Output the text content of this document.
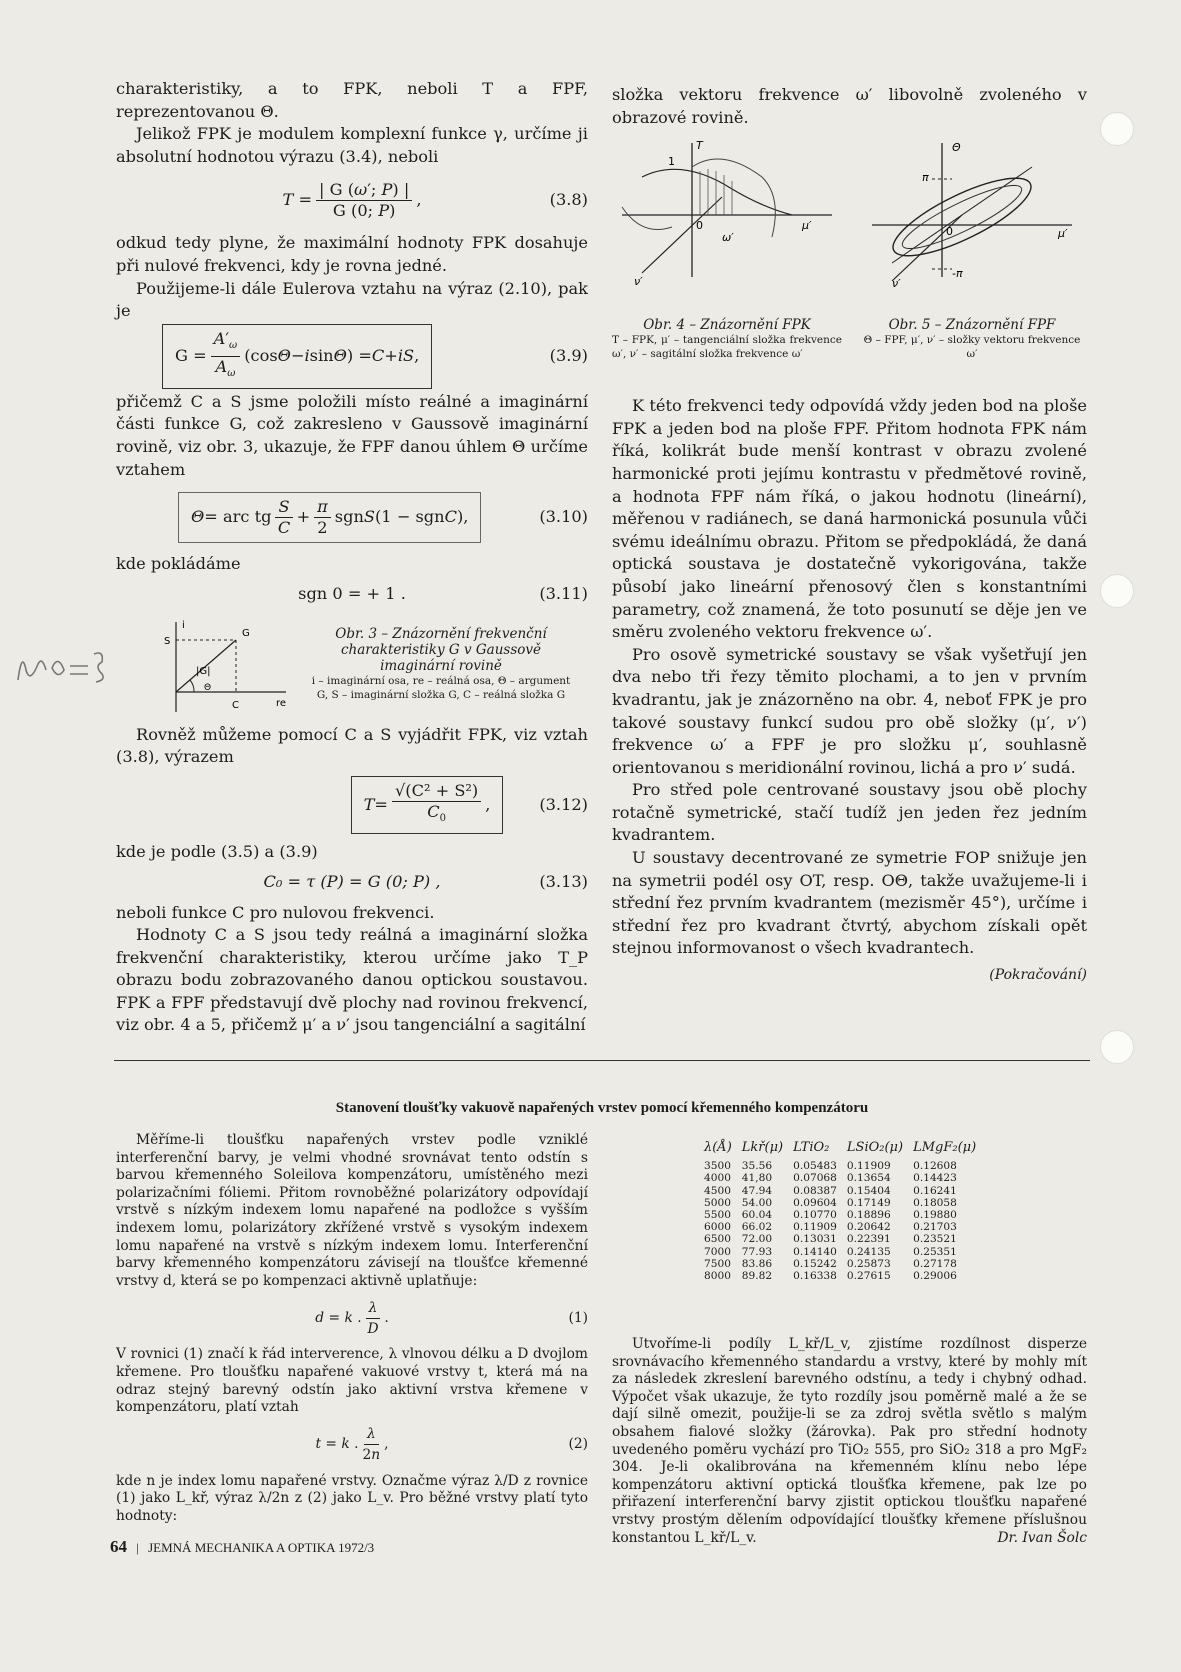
charakteristiky, a to FPK, neboli T a FPF, reprezentovanou Θ.

Jelikož FPK je modulem komplexní funkce γ, určíme ji absolutní hodnotou výrazu (3.4), neboli

$T = \frac{| G (\omega'; P) |}{G (0; P)}$ ,	(3.8)

odkud tedy plyne, že maximální hodnoty FPK dosahuje při nulové frekvenci, kdy je rovna jedné.

Použijeme-li dále Eulerova vztahu na výraz (2.10), pak je

$G = \frac{A'_\omega}{A_\omega} (\cos$ Θ − i sin Θ ) = C + iS ,	(3.9)

přičemž C a S jsme položili místo reálné a imaginární části funkce G, což zakresleno v Gaussově imaginární rovině, viz obr. 3, ukazuje, že FPF danou úhlem Θ určíme vztahem

Θ = arc tg $\frac{S}{C} + \frac{\pi}{2}$ sgn S (1 − sgn C ),	(3.10)

kde pokládáme

sgn 0 = + 1 .	(3.11)
i
S
G
|G|
Θ
C	re
Obr. 3 – Znázornění frekvenční charakteristiky G v Gaussově imaginární rovině
i – imaginární osa, re – reálná osa, Θ – argument G, S – imaginární složka G, C – reálná složka G

Rovněž můžeme pomocí C a S vyjádřit FPK, viz vztah (3.8), výrazem

$T = \frac{\text{√(C² + S²)}}{C_0}$ ,	(3.12)

kde je podle (3.5) a (3.9)

C₀ = τ (P) = G (0; P) ,	(3.13)

neboli funkce C pro nulovou frekvenci.

Hodnoty C a S jsou tedy reálná a imaginární složka frekvenční charakteristiky, kterou určíme jako T_P obrazu bodu zobrazovaného danou optickou soustavou. FPK a FPF představují dvě plochy nad rovinou frekvencí, viz obr. 4 a 5, přičemž μ′ a ν′ jsou tangenciální a sagitální

složka vektoru frekvence ω′ libovolně zvoleného v obrazové rovině.

T
1
0	μ′
ω′
ν′
Θ
π
0	μ′
-π
ν′
Obr. 4 – Znázornění FPK
T – FPK, μ′ – tangenciální složka frekvence ω′, ν′ – sagitální složka frekvence ω′
Obr. 5 – Znázornění FPF
Θ – FPF, μ′, ν′ – složky vektoru frekvence ω′

K této frekvenci tedy odpovídá vždy jeden bod na ploše FPK a jeden bod na ploše FPF. Přitom hodnota FPK nám říká, kolikrát bude menší kontrast v obrazu zvolené harmonické proti jejímu kontrastu v předmětové rovině, a hodnota FPF nám říká, o jakou hodnotu (lineární), měřenou v radiánech, se daná harmonická posunula vůči svému ideálnímu obrazu. Přitom se předpokládá, že daná optická soustava je dostatečně vykorigována, takže působí jako lineární přenosový člen s konstantními parametry, což znamená, že toto posunutí se děje jen ve směru zvoleného vektoru frekvence ω′.

Pro osově symetrické soustavy se však vyšetřují jen dva nebo tři řezy těmito plochami, a to jen v prvním kvadrantu, jak je znázorněno na obr. 4, neboť FPK je pro takové soustavy funkcí sudou pro obě složky (μ′, ν′) frekvence ω′ a FPF je pro složku μ′, souhlasně orientovanou s meridionální rovinou, lichá a pro ν′ sudá.

Pro střed pole centrované soustavy jsou obě plochy rotačně symetrické, stačí tudíž jen jeden řez jedním kvadrantem.

U soustavy decentrované ze symetrie FOP snižuje jen na symetrii podél osy OT, resp. OΘ, takže uvažujeme-li i střední řez prvním kvadrantem (mezisměr 45°), určíme i střední řez pro kvadrant čtvrtý, abychom získali opět stejnou informovanost o všech kvadrantech.

(Pokračování)

Stanovení tloušťky vakuově napařených vrstev pomocí křemenného kompenzátoru

Měříme-li tloušťku napařených vrstev podle vzniklé interferenční barvy, je velmi vhodné srovnávat tento odstín s barvou křemenného Soleilova kompenzátoru, umístěného mezi polarizačními fóliemi. Přitom rovnoběžné polarizátory odpovídají vrstvě s nízkým indexem lomu napařené na podložce s vyšším indexem lomu, polarizátory zkřížené vrstvě s vysokým indexem lomu napařené na vrstvě s nízkým indexem lomu. Interferenční barvy křemenného kompenzátoru závisejí na tloušťce křemenné vrstvy d, která se po kompenzaci aktivně uplatňuje:

d = k . $\frac{\lambda}{D}$ .	(1)

V rovnici (1) značí k řád interverence, λ vlnovou délku a D dvojlom křemene. Pro tloušťku napařené vakuové vrstvy t, která má na odraz stejný barevný odstín jako aktivní vrstva křemene v kompenzátoru, platí vztah

t = k . $\frac{\lambda}{2n}$ ,	(2)

kde n je index lomu napařené vrstvy. Označme výraz λ/D z rovnice (1) jako L_kř, výraz λ/2n z (2) jako L_v. Pro běžné vrstvy platí tyto hodnoty:

λ(Å)	Lkř(μ)	LTiO₂	LSiO₂(μ)	LMgF₂(μ)
3500	35.56	0.05483	0.11909	0.12608
4000	41,80	0.07068	0.13654	0.14423
4500	47.94	0.08387	0.15404	0.16241
5000	54.00	0.09604	0.17149	0.18058
5500	60.04	0.10770	0.18896	0.19880
6000	66.02	0.11909	0.20642	0.21703
6500	72.00	0.13031	0.22391	0.23521
7000	77.93	0.14140	0.24135	0.25351
7500	83.86	0.15242	0.25873	0.27178
8000	89.82	0.16338	0.27615	0.29006

Utvoříme-li podíly L_kř/L_v, zjistíme rozdílnost disperze srovnávacího křemenného standardu a vrstvy, které by mohly mít za následek zkreslení barevného odstínu, a tedy i chybný odhad. Výpočet však ukazuje, že tyto rozdíly jsou poměrně malé a že se dají silně omezit, použije-li se za zdroj světla světlo s malým obsahem fialové složky (žárovka). Pak pro střední hodnoty uvedeného poměru vychází pro TiO₂ 555, pro SiO₂ 318 a pro MgF₂ 304. Je-li okalibrována na křemenném klínu nebo lépe kompenzátoru aktivní optická tloušťka křemene, pak lze po přiřazení interferenční barvy zjistit optickou tloušťku napařené vrstvy prostým dělením odpovídající tloušťky křemene příslušnou konstantou L_kř/L_v.	Dr. Ivan Šolc

64 | JEMNÁ MECHANIKA A OPTIKA 1972/3
